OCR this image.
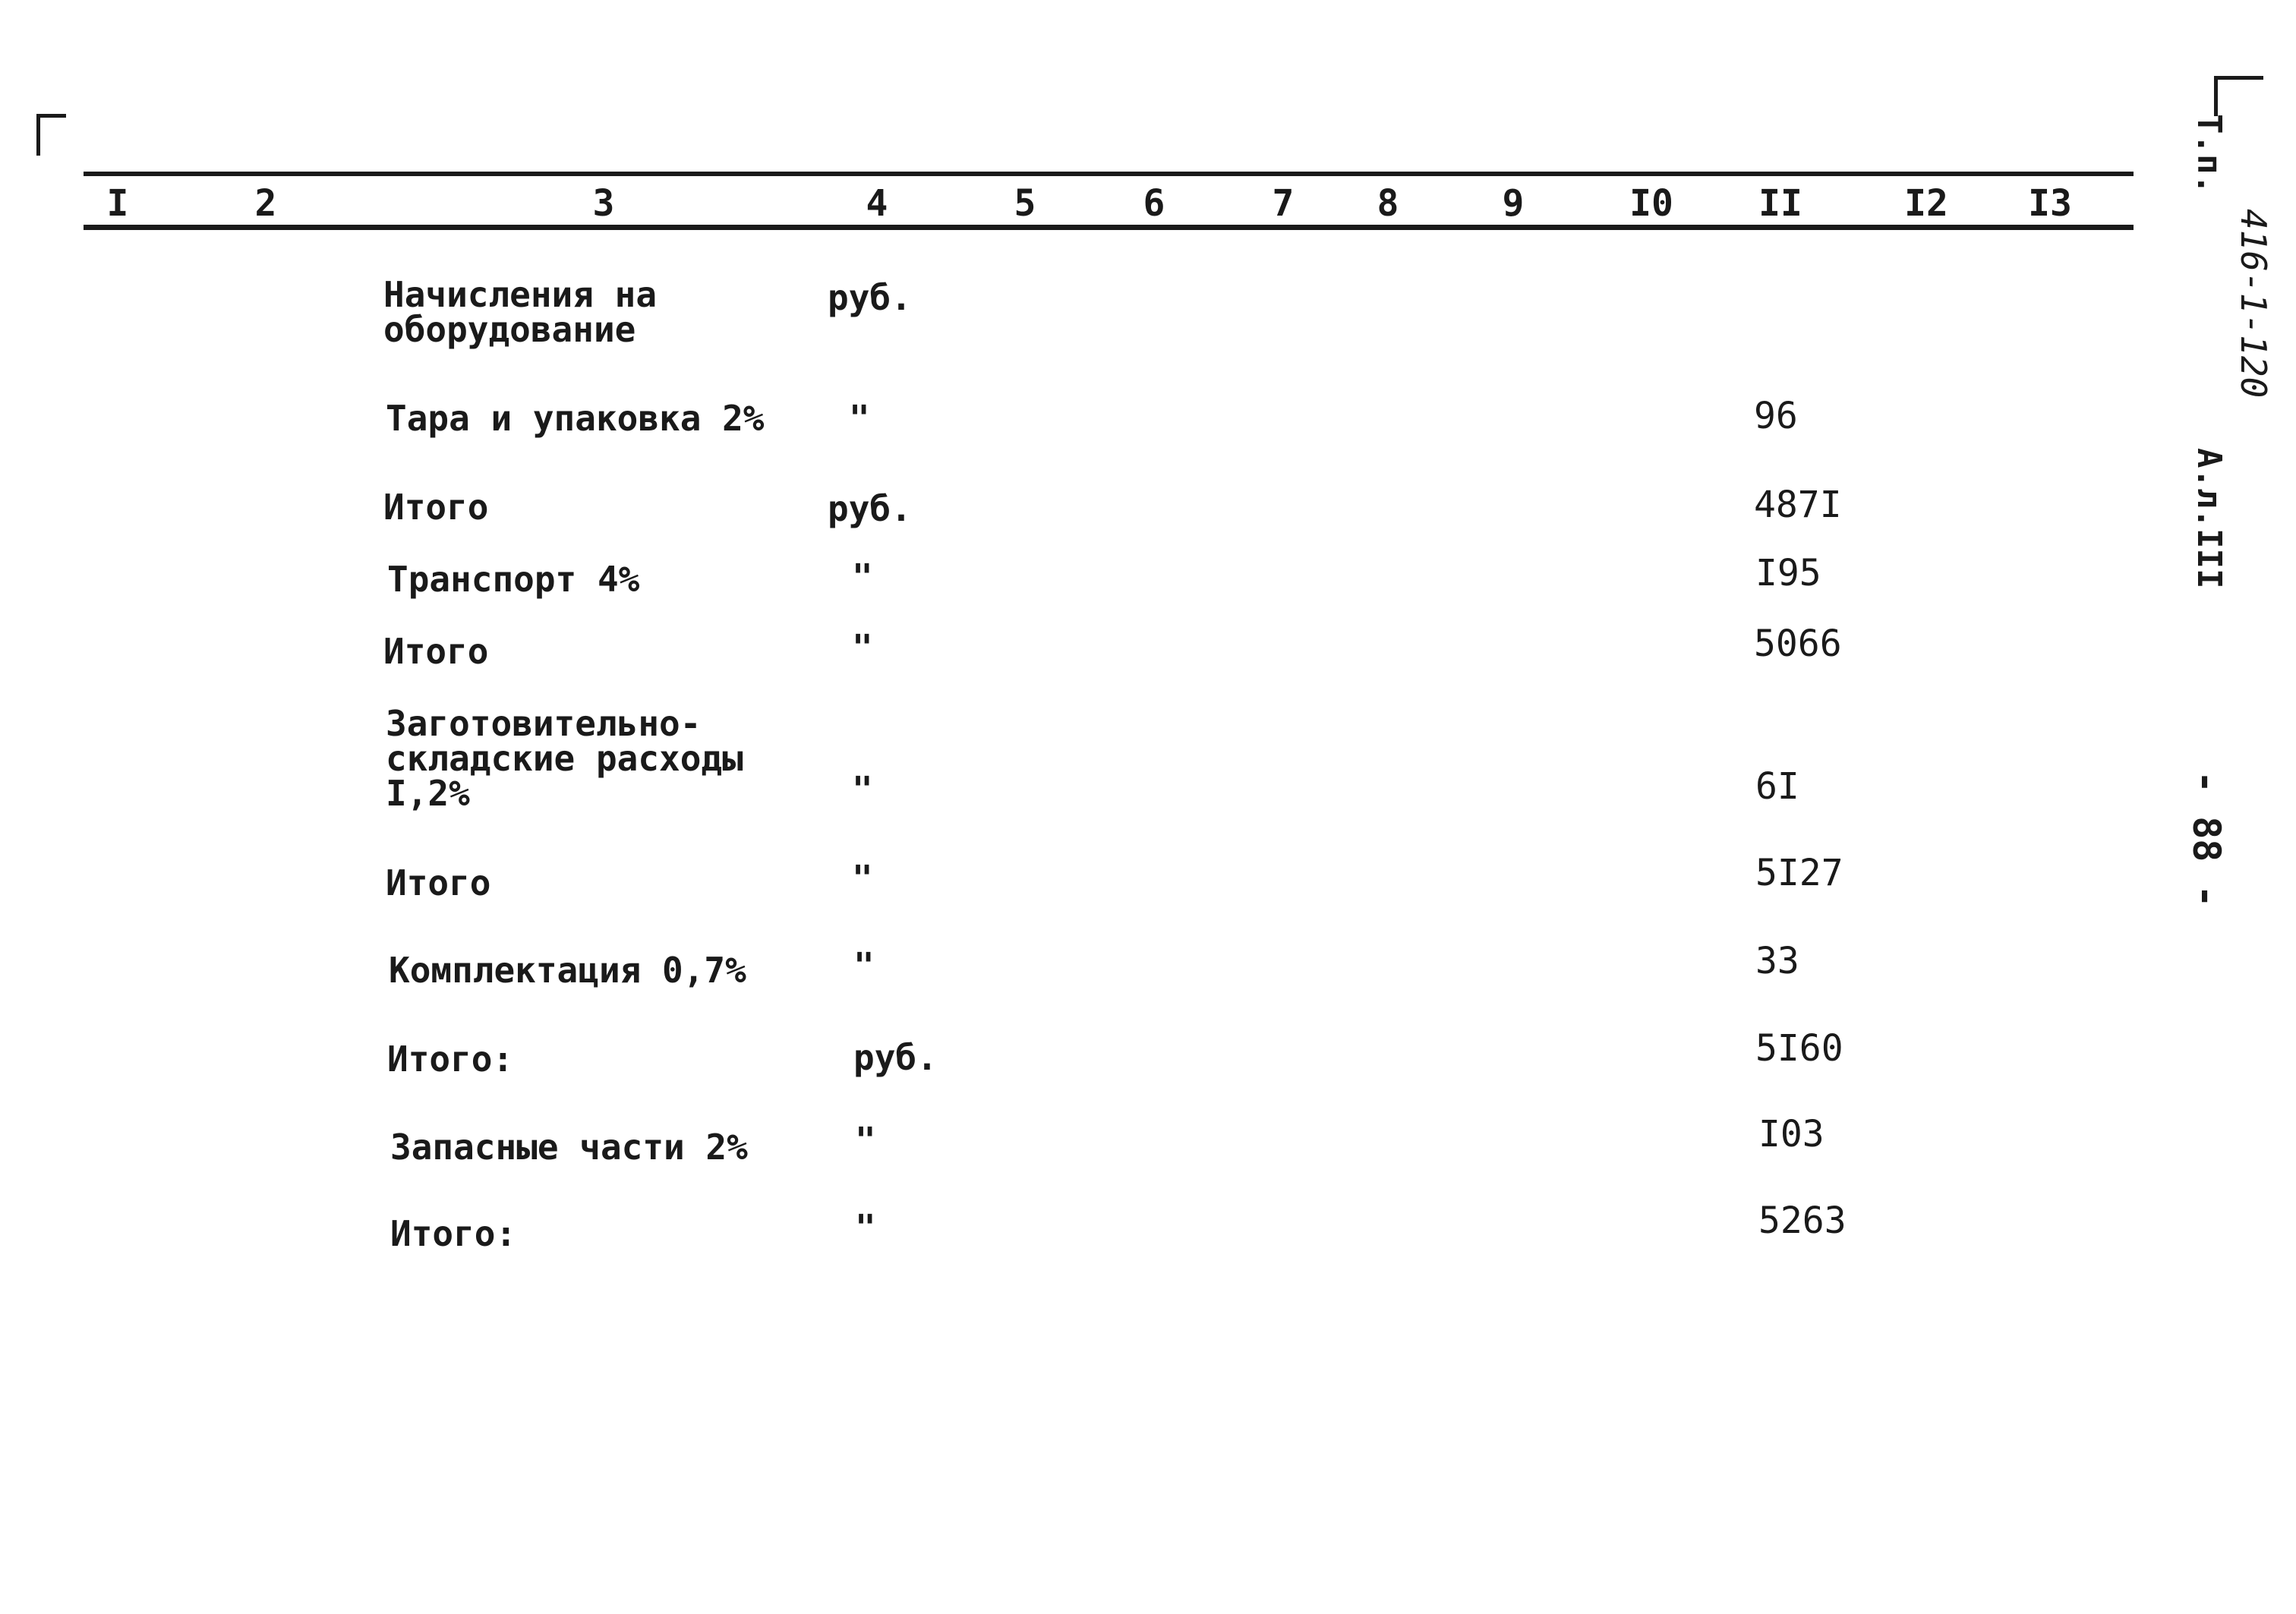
I	2	3	4	5	6	7	8	9	I0	II	I2	I3
Начисления на
оборудование
руб.
Тара и упаковка 2% "	96
Итого	руб.	487I
Транспорт 4%	"	I95
Итого	"	5066
Заготовительно-
складские расходы
I,2%	"	6I
Итого	"	5I27
Комплектация 0,7%	"	33
Итого:	руб.	5I60
Запасные части 2%	"	I03
Итого:	"	5263
Т.п.
416-1-120
А.л.III
- 88 -
